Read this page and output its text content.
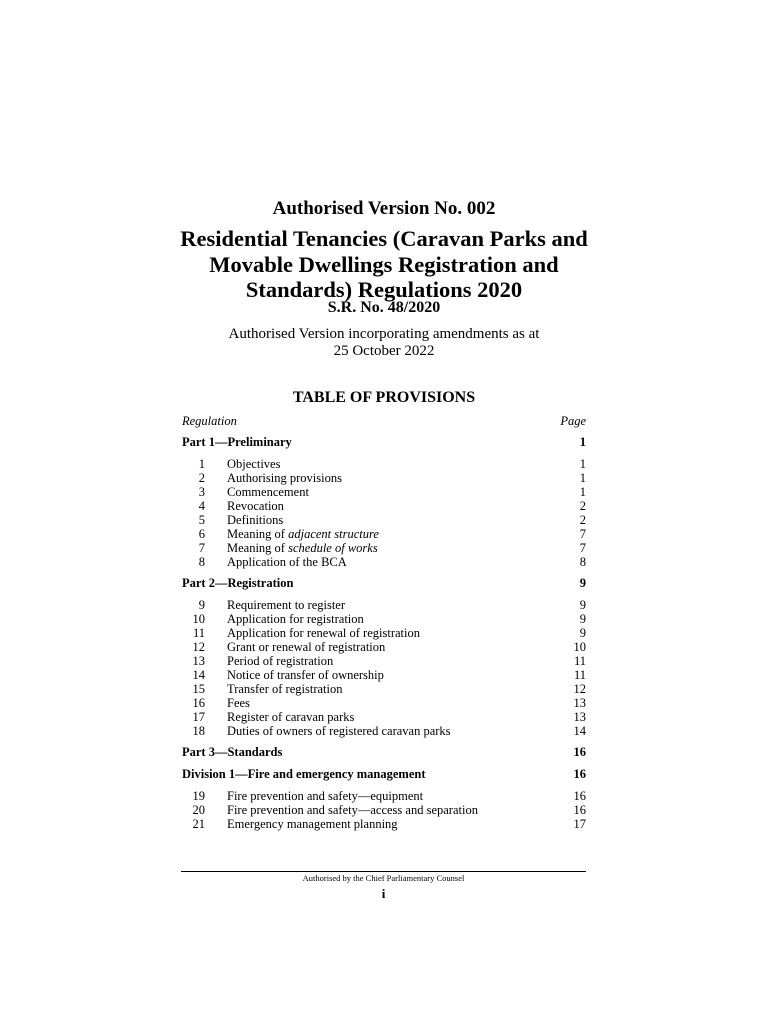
Authorised Version No. 002
Residential Tenancies (Caravan Parks and
Movable Dwellings Registration and
Standards) Regulations 2020
S.R. No. 48/2020
Authorised Version incorporating amendments as at
25 October 2022
TABLE OF PROVISIONS
Regulation	Page
Part 1—Preliminary	1
1 Objectives	1
2 Authorising provisions	1
3 Commencement	1
4 Revocation	2
5 Definitions	2
6 Meaning of adjacent structure	7
7 Meaning of schedule of works	7
8 Application of the BCA	8
Part 2—Registration	9
9 Requirement to register	9
10 Application for registration	9
11 Application for renewal of registration	9
12 Grant or renewal of registration	10
13 Period of registration	11
14 Notice of transfer of ownership	11
15 Transfer of registration	12
16 Fees	13
17 Register of caravan parks	13
18 Duties of owners of registered caravan parks	14
Part 3—Standards	16
Division 1—Fire and emergency management	16
19 Fire prevention and safety—equipment	16
20 Fire prevention and safety—access and separation	16
21 Emergency management planning	17
Authorised by the Chief Parliamentary Counsel
i
